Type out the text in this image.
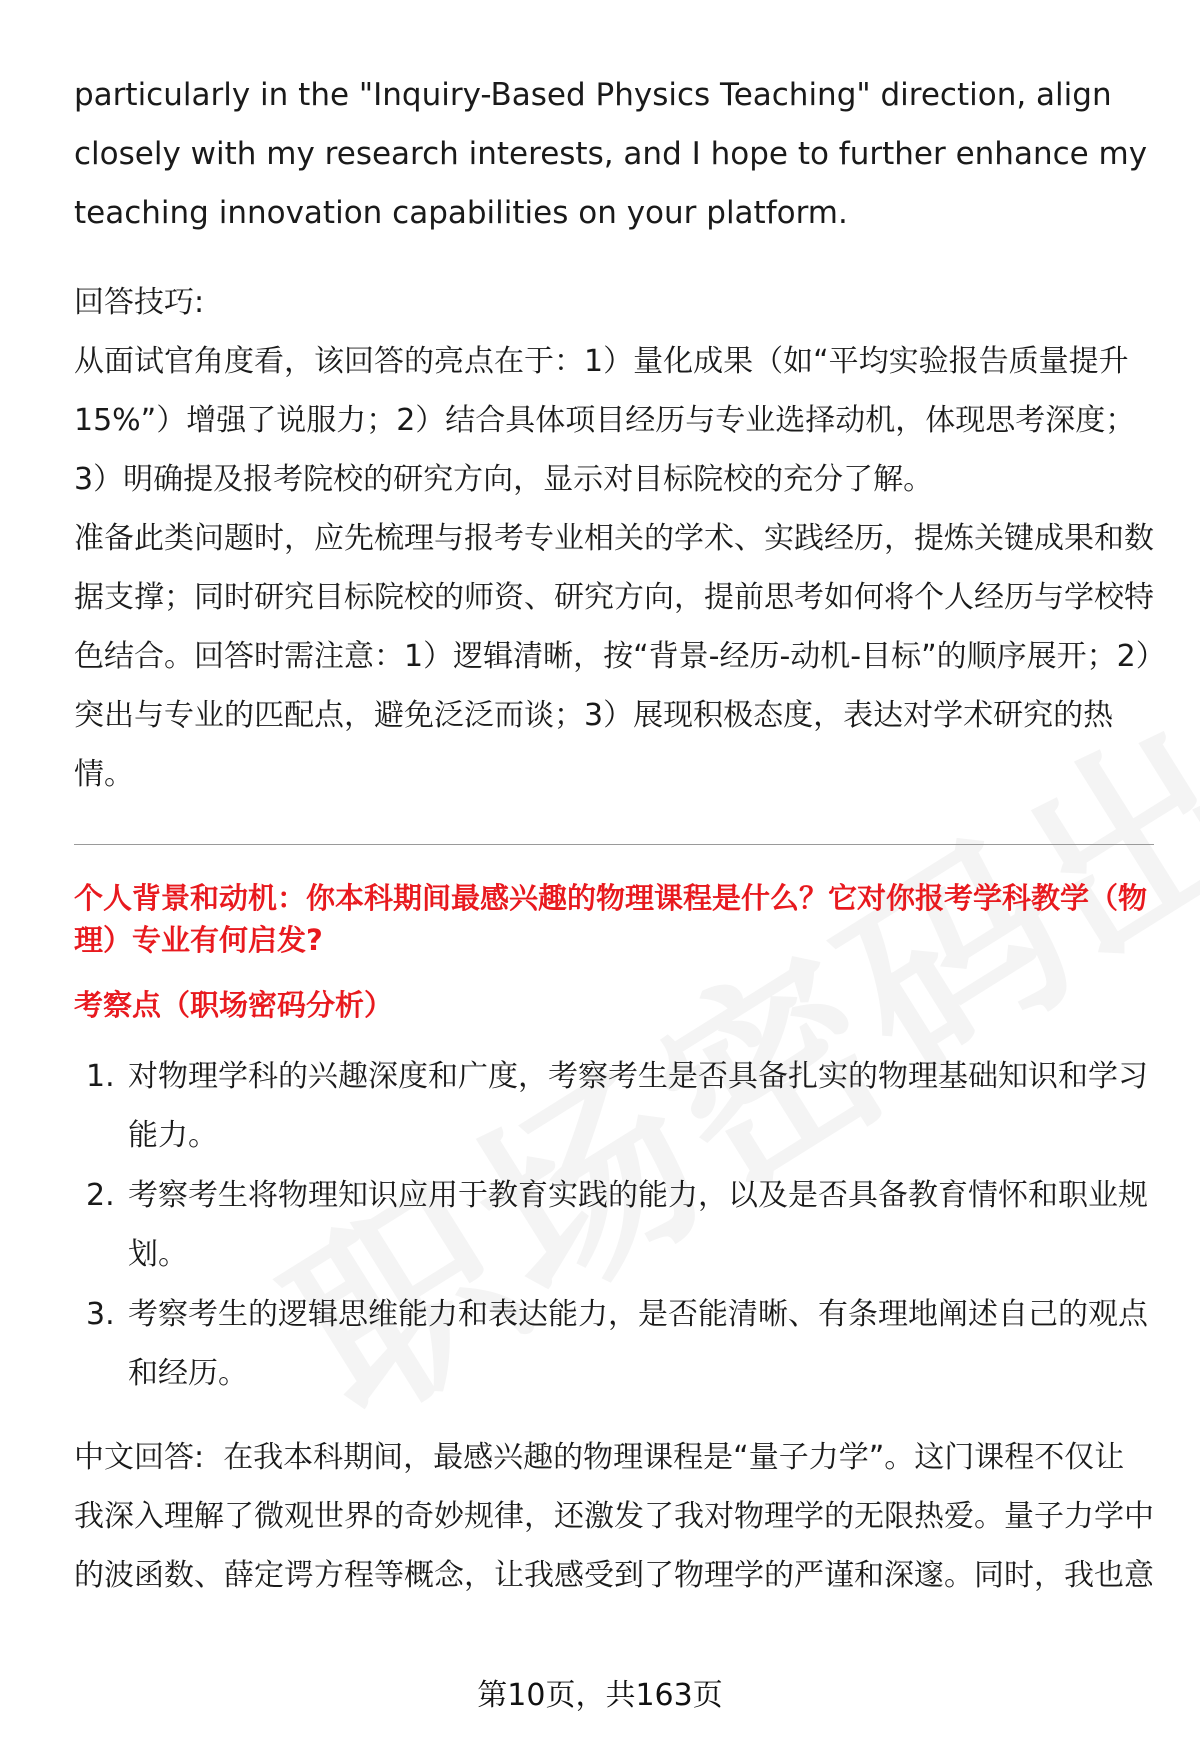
particularly in the "Inquiry-Based Physics Teaching" direction, align closely with my research interests, and I hope to further enhance my teaching innovation capabilities on your platform.

回答技巧:

从面试官角度看，该回答的亮点在于：1）量化成果（如“平均实验报告质量提升15%”）增强了说服力；2）结合具体项目经历与专业选择动机，体现思考深度；3）明确提及报考院校的研究方向，显示对目标院校的充分了解。

准备此类问题时，应先梳理与报考专业相关的学术、实践经历，提炼关键成果和数据支撑；同时研究目标院校的师资、研究方向，提前思考如何将个人经历与学校特色结合。回答时需注意：1）逻辑清晰，按“背景-经历-动机-目标”的顺序展开；2）突出与专业的匹配点，避免泛泛而谈；3）展现积极态度，表达对学术研究的热情。

个人背景和动机：你本科期间最感兴趣的物理课程是什么？它对你报考学科教学（物理）专业有何启发?

考察点（职场密码分析）

1. 对物理学科的兴趣深度和广度，考察考生是否具备扎实的物理基础知识和学习能力。
2. 考察考生将物理知识应用于教育实践的能力，以及是否具备教育情怀和职业规划。
3. 考察考生的逻辑思维能力和表达能力，是否能清晰、有条理地阐述自己的观点和经历。

中文回答: 在我本科期间，最感兴趣的物理课程是“量子力学”。这门课程不仅让我深入理解了微观世界的奇妙规律，还激发了我对物理学的无限热爱。量子力学中的波函数、薛定谔方程等概念，让我感受到了物理学的严谨和深邃。同时，我也意

第10页，共163页
